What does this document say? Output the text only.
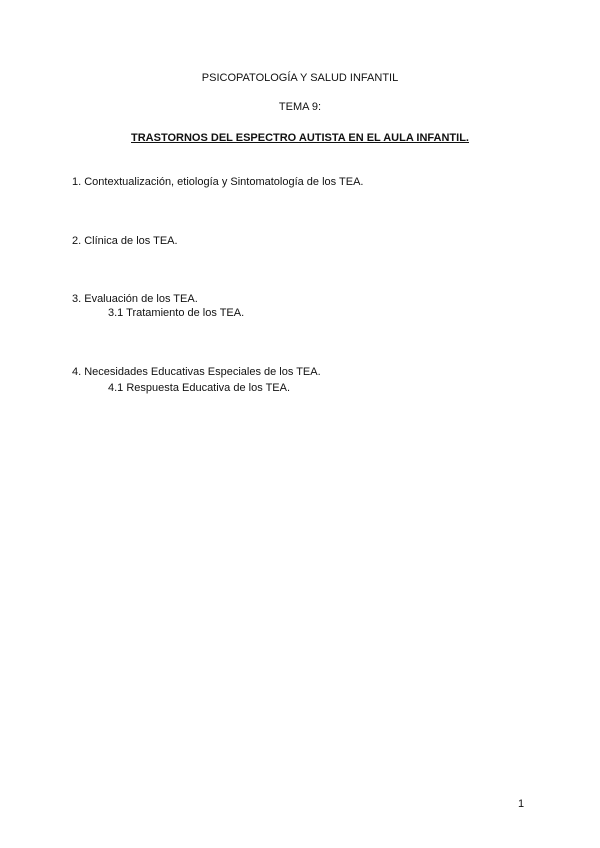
PSICOPATOLOGÍA Y SALUD INFANTIL
TEMA 9:
TRASTORNOS DEL ESPECTRO AUTISTA EN EL AULA INFANTIL.
1. Contextualización, etiología y Sintomatología de los TEA.
2. Clínica de los TEA.
3. Evaluación de los TEA.
3.1 Tratamiento de los TEA.
4. Necesidades Educativas Especiales de los TEA.
4.1 Respuesta Educativa de los TEA.
1
